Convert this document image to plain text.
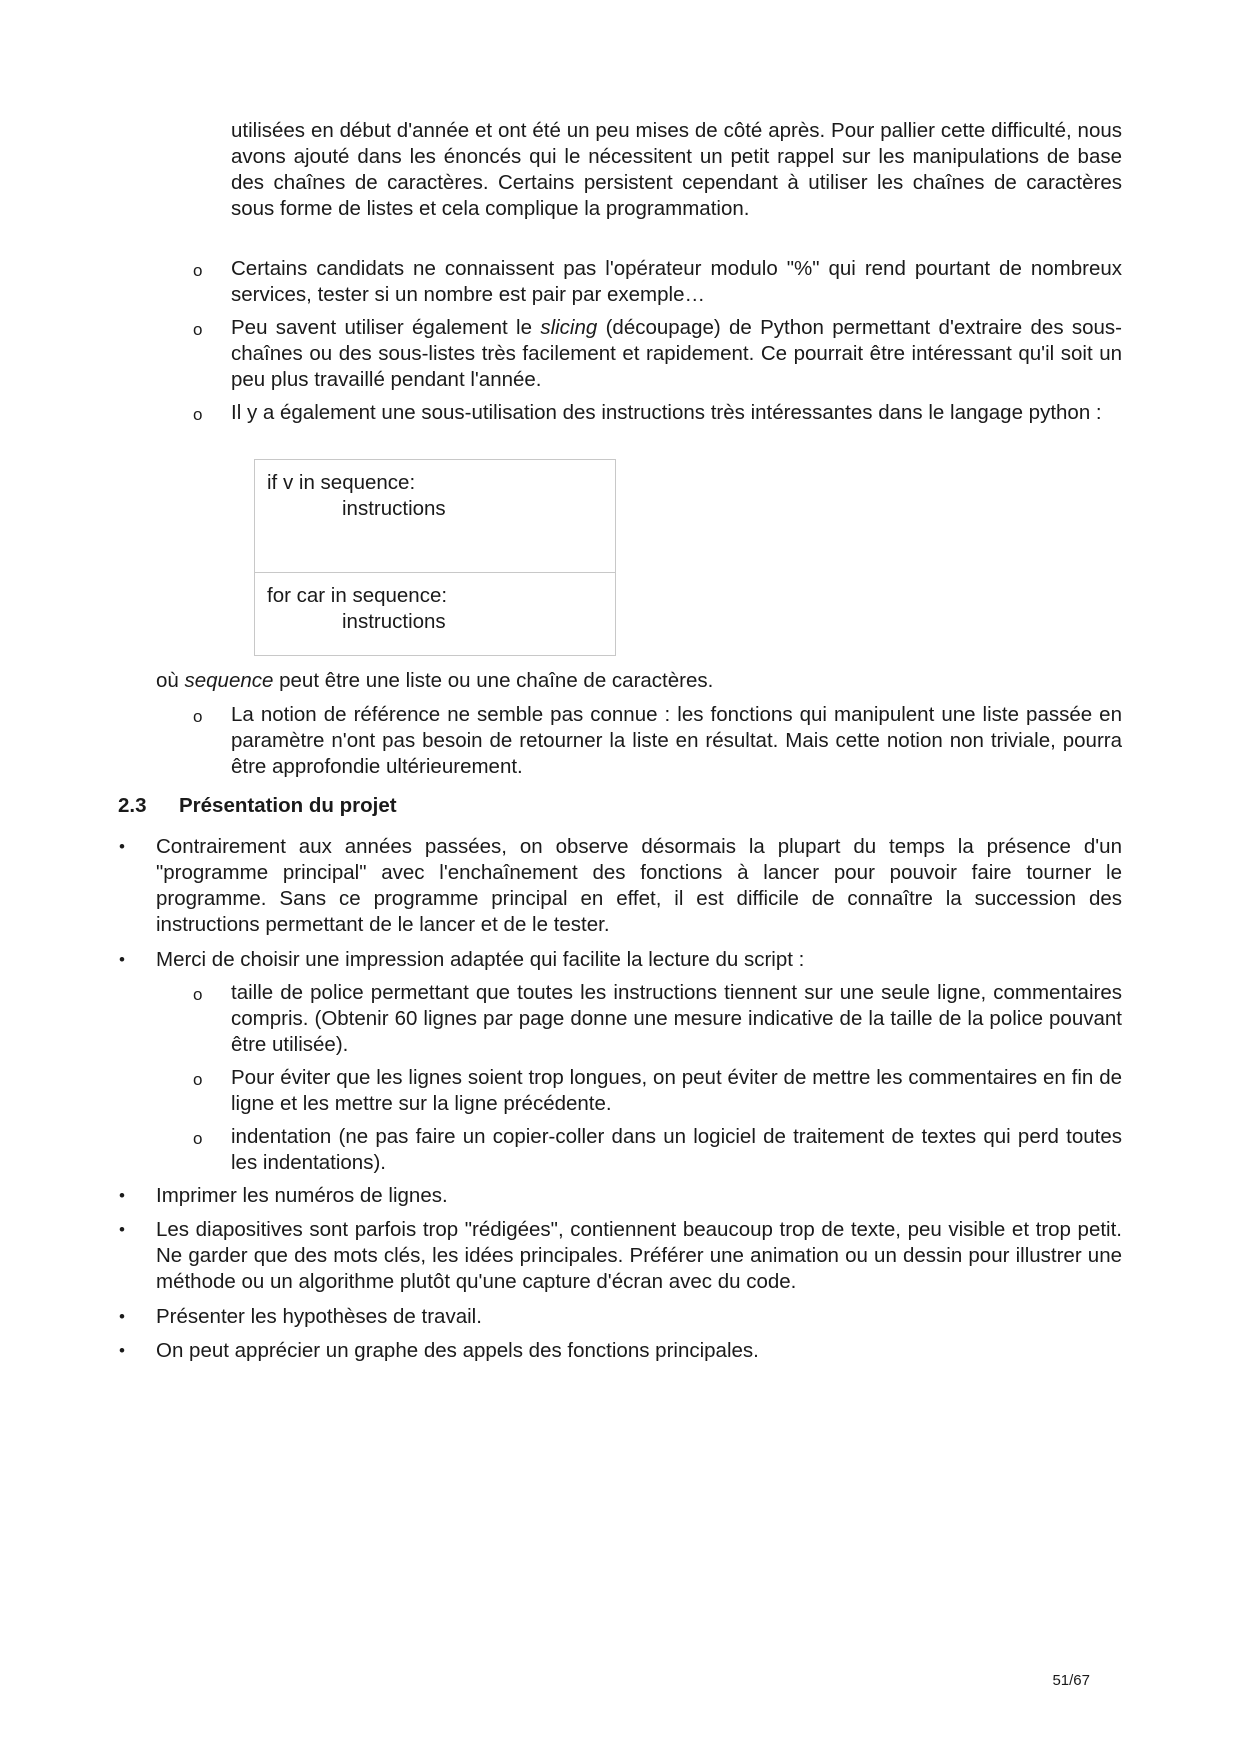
utilisées en début d'année et ont été un peu mises de côté après. Pour pallier cette difficulté, nous avons ajouté dans les énoncés qui le nécessitent un petit rappel sur les manipulations de base des chaînes de caractères. Certains persistent cependant à utiliser les chaînes de caractères sous forme de listes et cela complique la programmation.

o Certains candidats ne connaissent pas l'opérateur modulo "%" qui rend pourtant de nombreux services, tester si un nombre est pair par exemple…

o Peu savent utiliser également le slicing (découpage) de Python permettant d'extraire des sous-chaînes ou des sous-listes très facilement et rapidement. Ce pourrait être intéressant qu'il soit un peu plus travaillé pendant l'année.

o Il y a également une sous-utilisation des instructions très intéressantes dans le langage python :

if v in sequence:
instructions
for car in sequence:
instructions

où sequence peut être une liste ou une chaîne de caractères.

o La notion de référence ne semble pas connue : les fonctions qui manipulent une liste passée en paramètre n'ont pas besoin de retourner la liste en résultat. Mais cette notion non triviale, pourra être approfondie ultérieurement.

2.3 Présentation du projet

• Contrairement aux années passées, on observe désormais la plupart du temps la présence d'un "programme principal" avec l'enchaînement des fonctions à lancer pour pouvoir faire tourner le programme. Sans ce programme principal en effet, il est difficile de connaître la succession des instructions permettant de le lancer et de le tester.

• Merci de choisir une impression adaptée qui facilite la lecture du script :

o taille de police permettant que toutes les instructions tiennent sur une seule ligne, commentaires compris. (Obtenir 60 lignes par page donne une mesure indicative de la taille de la police pouvant être utilisée).

o Pour éviter que les lignes soient trop longues, on peut éviter de mettre les commentaires en fin de ligne et les mettre sur la ligne précédente.

o indentation (ne pas faire un copier-coller dans un logiciel de traitement de textes qui perd toutes les indentations).

• Imprimer les numéros de lignes.

• Les diapositives sont parfois trop "rédigées", contiennent beaucoup trop de texte, peu visible et trop petit. Ne garder que des mots clés, les idées principales. Préférer une animation ou un dessin pour illustrer une méthode ou un algorithme plutôt qu'une capture d'écran avec du code.

• Présenter les hypothèses de travail.

• On peut apprécier un graphe des appels des fonctions principales.

51/67
